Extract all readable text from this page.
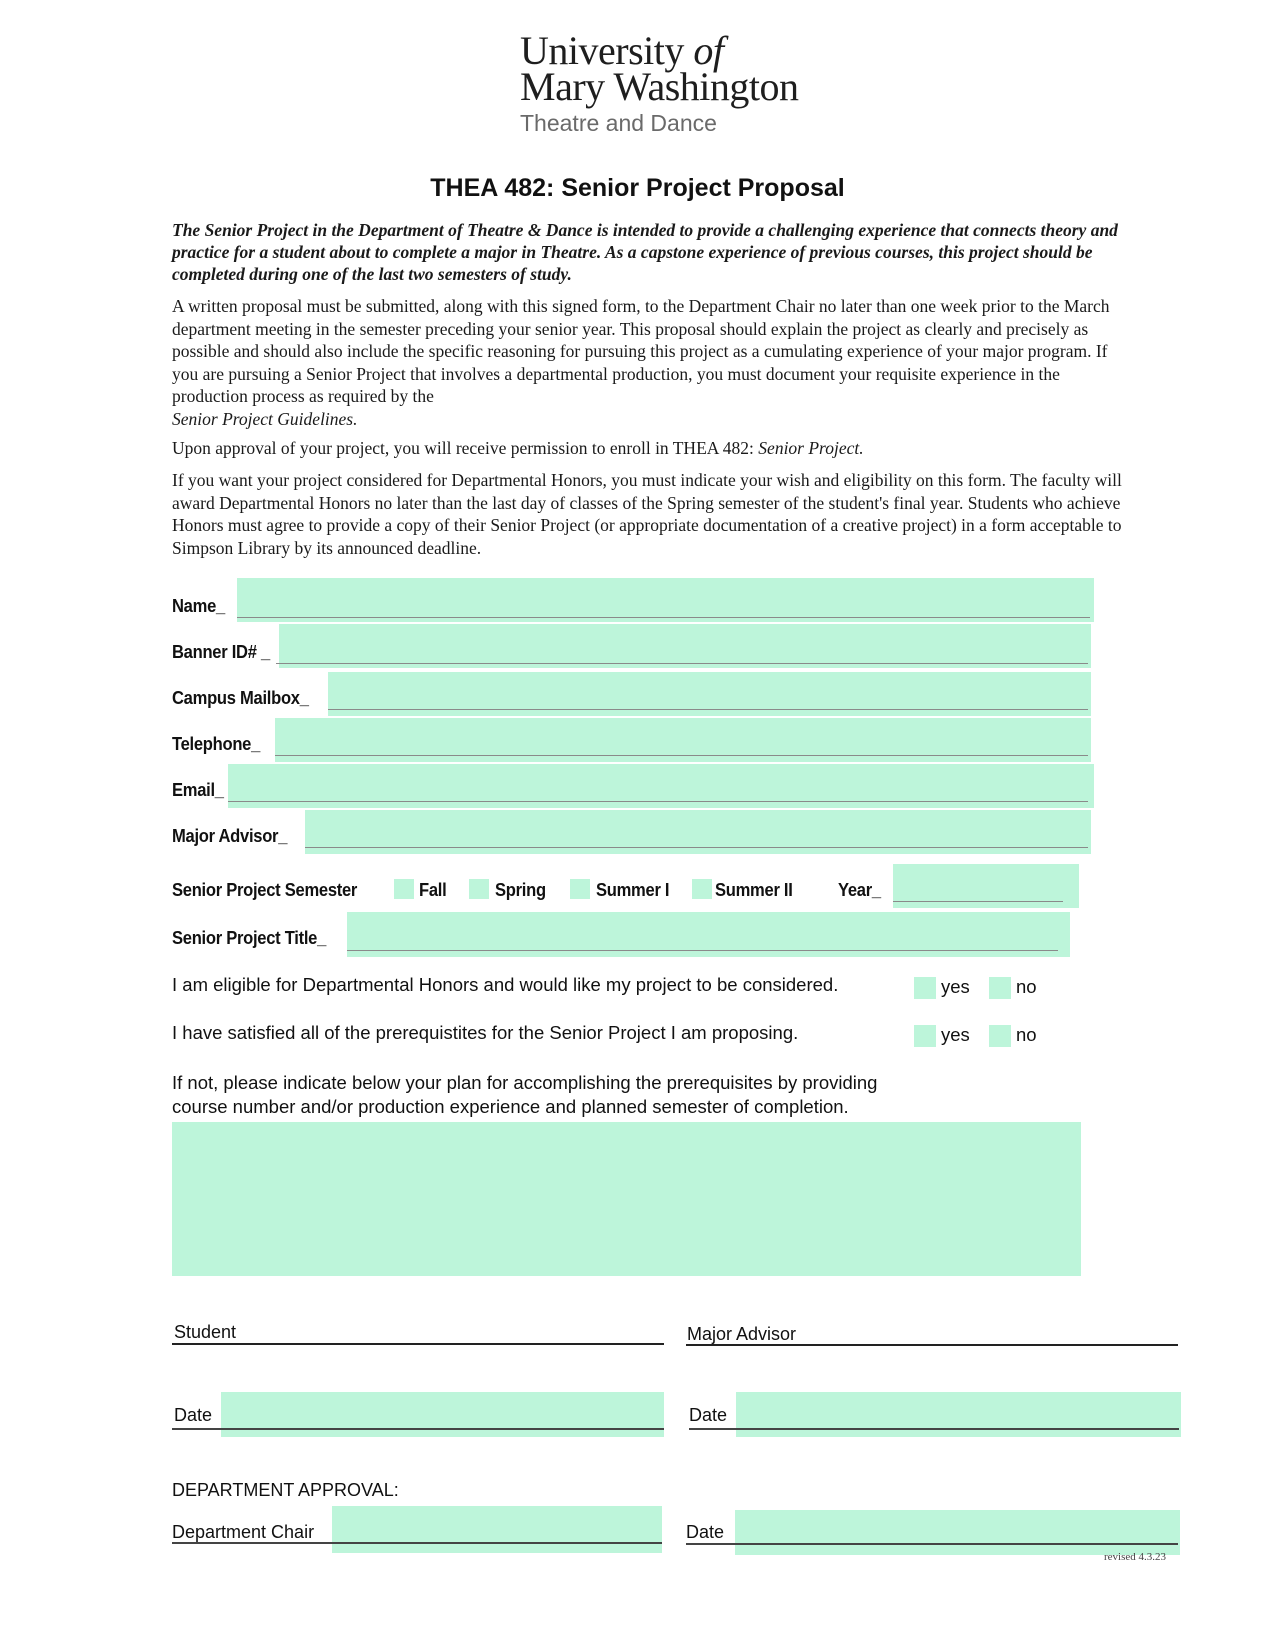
University of
Mary Washington
Theatre and Dance
THEA 482: Senior Project Proposal
The Senior Project in the Department of Theatre & Dance is intended to provide a challenging experience that connects theory and practice for a student about to complete a major in Theatre. As a capstone experience of previous courses, this project should be completed during one of the last two semesters of study.
A written proposal must be submitted, along with this signed form, to the Department Chair no later than one week prior to the March department meeting in the semester preceding your senior year. This proposal should explain the project as clearly and precisely as possible and should also include the specific reasoning for pursuing this project as a cumulating experience of your major program. If you are pursuing a Senior Project that involves a departmental production, you must document your requisite experience in the production process as required by the
Senior Project Guidelines.
Upon approval of your project, you will receive permission to enroll in THEA 482: Senior Project.
If you want your project considered for Departmental Honors, you must indicate your wish and eligibility on this form. The faculty will award Departmental Honors no later than the last day of classes of the Spring semester of the student's final year. Students who achieve Honors must agree to provide a copy of their Senior Project (or appropriate documentation of a creative project) in a form acceptable to Simpson Library by its announced deadline.
Name_
Banner ID# _
Campus Mailbox_
Telephone_
Email_
Major Advisor_
Senior Project Semester	Fall	Spring	Summer I	Summer II	Year_
Senior Project Title_
I am eligible for Departmental Honors and would like my project to be considered.	yes no
I have satisfied all of the prerequistites for the Senior Project I am proposing.	yes no
If not, please indicate below your plan for accomplishing the prerequisites by providing
course number and/or production experience and planned semester of completion.
Student	Major Advisor
Date	Date
DEPARTMENT APPROVAL:
Department Chair	Date
revised 4.3.23
